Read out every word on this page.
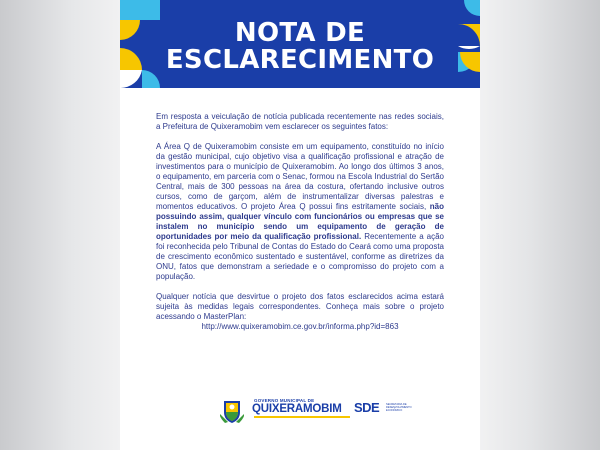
NOTA DE
ESCLARECIMENTO

Em resposta a veiculação de notícia publicada recentemente nas redes sociais, a Prefeitura de Quixeramobim vem esclarecer os seguintes fatos:

A Área Q de Quixeramobim consiste em um equipamento, constituído no início da gestão municipal, cujo objetivo visa a qualificação profissional e atração de investimentos para o município de Quixeramobim. Ao longo dos últimos 3 anos, o equipamento, em parceria com o Senac, formou na Escola Industrial do Sertão Central, mais de 300 pessoas na área da costura, ofertando inclusive outros cursos, como de garçom, além de instrumentalizar diversas palestras e momentos educativos. O projeto Área Q possui fins estritamente sociais, não possuindo assim, qualquer vínculo com funcionários ou empresas que se instalem no município sendo um equipamento de geração de oportunidades por meio da qualificação profissional. Recentemente a ação foi reconhecida pelo Tribunal de Contas do Estado do Ceará como uma proposta de crescimento econômico sustentado e sustentável, conforme as diretrizes da ONU, fatos que demonstram a seriedade e o compromisso do projeto com a população.

Qualquer notícia que desvirtue o projeto dos fatos esclarecidos acima estará sujeita às medidas legais correspondentes. Conheça mais sobre o projeto acessando o MasterPlan:

http://www.quixeramobim.ce.gov.br/informa.php?id=863

GOVERNO MUNICIPAL DE
QUIXERAMOBIM SDE	SECRETARIA DE DESENVOLVIMENTO ECONÔMICO
